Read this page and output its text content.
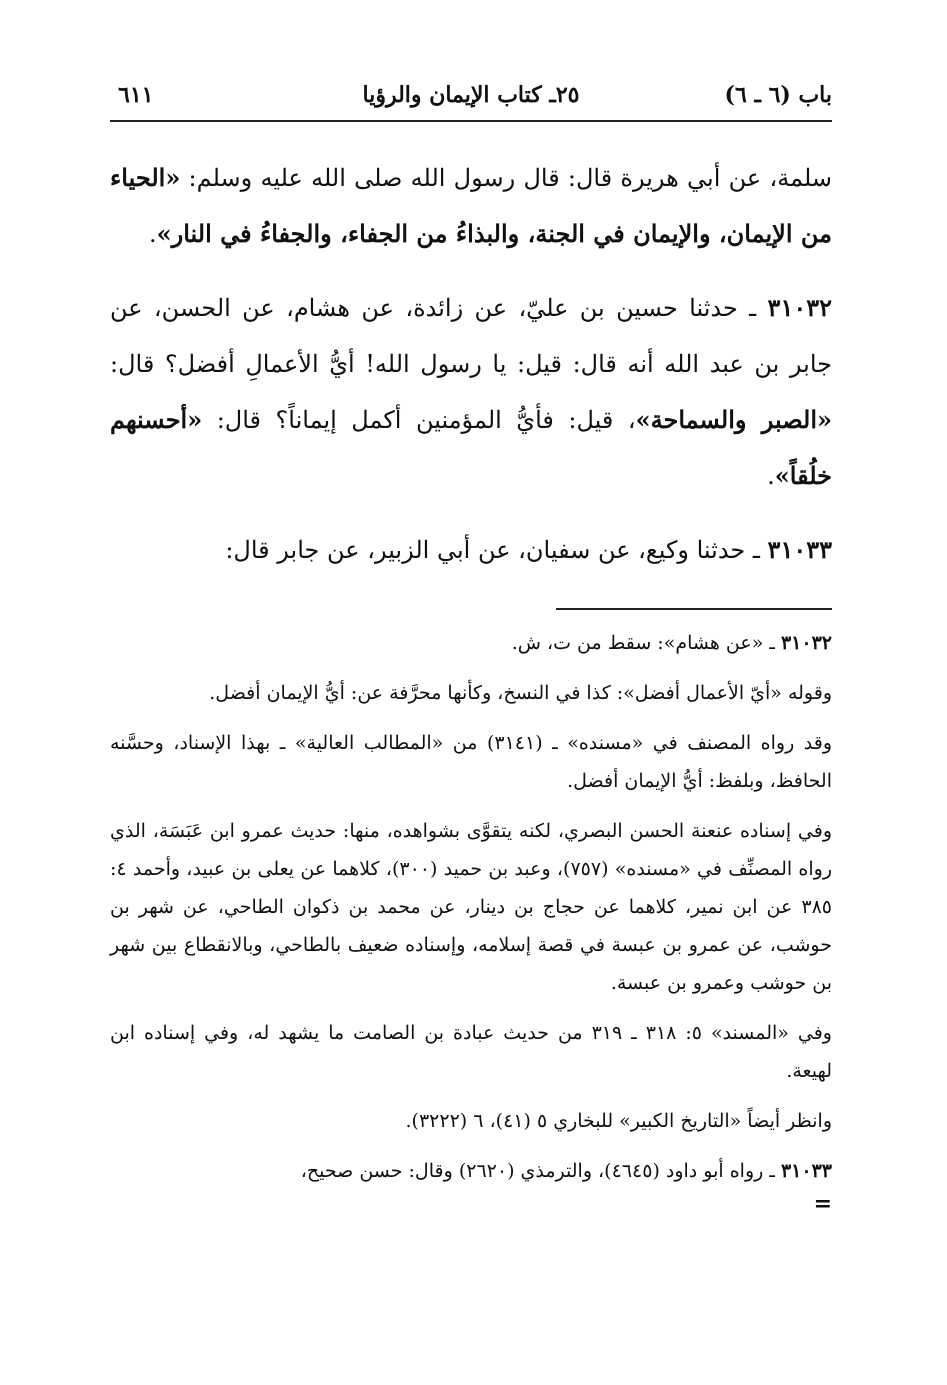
باب (٦ ـ ٦)
٢٥ـ كتاب الإيمان والرؤيا
٦١١

سلمة، عن أبي هريرة قال: قال رسول الله صلى الله عليه وسلم: «الحياء من الإيمان، والإيمان في الجنة، والبذاءُ من الجفاء، والجفاءُ في النار».

٣١٠٣٢ ـ حدثنا حسين بن عليّ، عن زائدة، عن هشام، عن الحسن، عن جابر بن عبد الله أنه قال: قيل: يا رسول الله! أيُّ الأعمالِ أفضل؟ قال: «الصبر والسماحة»، قيل: فأيُّ المؤمنين أكمل إيماناً؟ قال: «أحسنهم خلُقاً».

٣١٠٣٣ ـ حدثنا وكيع، عن سفيان، عن أبي الزبير، عن جابر قال:

٣١٠٣٢ ـ «عن هشام»: سقط من ت، ش.

وقوله «أيّ الأعمال أفضل»: كذا في النسخ، وكأنها محرَّفة عن: أيُّ الإيمان أفضل.

وقد رواه المصنف في «مسنده» ـ (٣١٤١) من «المطالب العالية» ـ بهذا الإسناد، وحسَّنه الحافظ، وبلفظ: أيُّ الإيمان أفضل.

وفي إسناده عنعنة الحسن البصري، لكنه يتقوَّى بشواهده، منها: حديث عمرو ابن عَبَسَة، الذي رواه المصنِّف في «مسنده» (٧٥٧)، وعبد بن حميد (٣٠٠)، كلاهما عن يعلى بن عبيد، وأحمد ٤: ٣٨٥ عن ابن نمير، كلاهما عن حجاج بن دينار، عن محمد بن ذكوان الطاحي، عن شهر بن حوشب، عن عمرو بن عبسة في قصة إسلامه، وإسناده ضعيف بالطاحي، وبالانقطاع بين شهر بن حوشب وعمرو بن عبسة.

وفي «المسند» ٥: ٣١٨ ـ ٣١٩ من حديث عبادة بن الصامت ما يشهد له، وفي إسناده ابن لهيعة.

وانظر أيضاً «التاريخ الكبير» للبخاري ٥ (٤١)، ٦ (٣٢٢٢).

٣١٠٣٣ ـ رواه أبو داود (٤٦٤٥)، والترمذي (٢٦٢٠) وقال: حسن صحيح،

=
